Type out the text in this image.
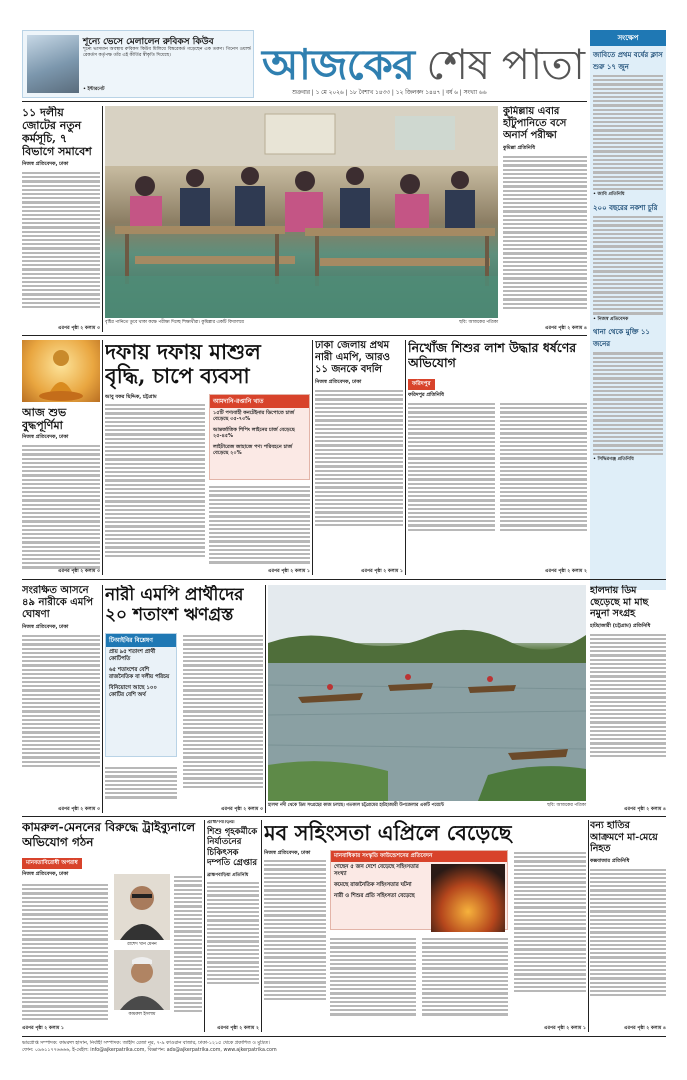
শূন্যে ভেসে মেলালেন রুবিকস কিউব
শূন্যে ভাসমান অবস্থায় রুবিকস কিউব মিলিয়ে বিশ্বরেকর্ড গড়েছেন এক তরুণ। গিনেস ওয়ার্ল্ড রেকর্ডস কর্তৃপক্ষ তাঁর এই কীর্তির স্বীকৃতি দিয়েছে।
• ইন্টারনেট
আজকের শেষ পাতা
শুক্রবার | ১ মে ২০২৬ | ১৮ বৈশাখ ১৪৩৩ | ১২ জিলকদ ১৪৪৭ | বর্ষ ৬ | সংখ্যা ৬৬
সংক্ষেপ
জাবিতে প্রথম বর্ষের ক্লাস শুরু ১৭ জুন
• জাবি প্রতিনিধি
২০০ বছরের নকশা চুরি
• নিজস্ব প্রতিবেদক
থানা থেকে মুক্তি ১১ জনের
• সিদ্ধিরগঞ্জ প্রতিনিধি
১১ দলীয় জোটের নতুন কর্মসূচি, ৭ বিভাগে সমাবেশ
নিজস্ব প্রতিবেদক, ঢাকা
এরপর পৃষ্ঠা ২ কলাম ৩
বৃষ্টির পানিতে ডুবে থাকা কক্ষে পরীক্ষা দিচ্ছে শিক্ষার্থীরা। কুমিল্লার একটি বিদ্যালয়ে	ছবি: আজকের পত্রিকা
কুমিল্লায় এবার হাঁটুপানিতে বসে অনার্স পরীক্ষা
কুমিল্লা প্রতিনিধি
এরপর পৃষ্ঠা ২ কলাম ৪
আজ শুভ বুদ্ধপূর্ণিমা
নিজস্ব প্রতিবেদক, ঢাকা
এরপর পৃষ্ঠা ২ কলাম ৩
দফায় দফায় মাশুল
বৃদ্ধি, চাপে ব্যবসা
আবু বকর ছিদ্দিক, চট্টগ্রাম
আমদানি-রপ্তানি খাত
১৫টি পণ্যবাহী কনটেইনার ডিপোতে চার্জ বেড়েছে ৩৫-৭৩%
আন্তর্জাতিক শিপিং লাইনের চার্জ বেড়েছে ২৫-৪৫%
লাইটারেজ জাহাজে পণ্য পরিবহনে চার্জ বেড়েছে ২০%
এরপর পৃষ্ঠা ২ কলাম ১
ঢাকা জেলায় প্রথম নারী এমপি, আরও ১১ জনকে বদলি
নিজস্ব প্রতিবেদক, ঢাকা
এরপর পৃষ্ঠা ২ কলাম ১
নিখোঁজ শিশুর লাশ উদ্ধার ধর্ষণের অভিযোগ
ফরিদপুর
ফরিদপুর প্রতিনিধি
এরপর পৃষ্ঠা ২ কলাম ২
সংরক্ষিত আসনে ৪৯ নারীকে এমপি ঘোষণা
নিজস্ব প্রতিবেদক, ঢাকা
এরপর পৃষ্ঠা ২ কলাম ৩
নারী এমপি প্রার্থীদের
২০ শতাংশ ঋণগ্রস্ত
টিআইবির বিশ্লেষণ
প্রায় ৯৫ শতাংশ প্রার্থী কোটিপতি
৬৫ শতাংশের বেশি রাজনৈতিক বা দলীয় পরিচয়
বিনিয়োগে আছে ১০০ কোটির বেশি অর্থ
এরপর পৃষ্ঠা ২ কলাম ৩
হালদা নদী থেকে ডিম সংগ্রহের কাজ চলছে। গতকাল চট্টগ্রামের হাটহাজারী উপজেলার একটি পয়েন্টে	ছবি: আজকের পত্রিকা
হালদায় ডিম ছেড়েছে মা মাছ নমুনা সংগ্রহ
হাটহাজারী (চট্টগ্রাম) প্রতিনিধি
এরপর পৃষ্ঠা ২ কলাম ৪
কামরুল-মেননের বিরুদ্ধে ট্রাইব্যুনালে অভিযোগ গঠন
মানবতাবিরোধী অপরাধ
নিজস্ব প্রতিবেদক, ঢাকা
রাশেদ খান মেনন
কামরুল ইসলাম
এরপর পৃষ্ঠা ২ কলাম ১
ব্রাহ্মণবাড়িয়া
শিশু গৃহকর্মীকে নির্যাতনের চিকিৎসক দম্পতি গ্রেপ্তার
ব্রাহ্মণবাড়িয়া প্রতিনিধি
এরপর পৃষ্ঠা ২ কলাম ২
মব সহিংসতা এপ্রিলে বেড়েছে
নিজস্ব প্রতিবেদক, ঢাকা	মানবাধিকার সংস্কৃতি ফাউন্ডেশনের প্রতিবেদন
গেছেন ৫ জন দেশে বেড়েছে সহিংসতার সংখ্যা
কমেছে রাজনৈতিক সহিংসতার ঘটনা
নারী ও শিশুর প্রতি সহিংসতা বেড়েছে
এরপর পৃষ্ঠা ২ কলাম ১
বন্য হাতির আক্রমণে মা-মেয়ে নিহত
কক্সবাজার প্রতিনিধি
এরপর পৃষ্ঠা ২ কলাম ৪
ভারপ্রাপ্ত সম্পাদক: কামরুল হাসান, নির্বাহী সম্পাদক: জাহীদ রেজা নূর, ৭-৯ কাওরান বাজার, ঢাকা-১২১৫ থেকে প্রকাশিত ও মুদ্রিত।
ফোন: ০৯৬১১৭৭৬৬৬৬, ই-মেইল: info@ajkerpatrika.com, বিজ্ঞাপন: ads@ajkerpatrika.com, www.ajkerpatrika.com
